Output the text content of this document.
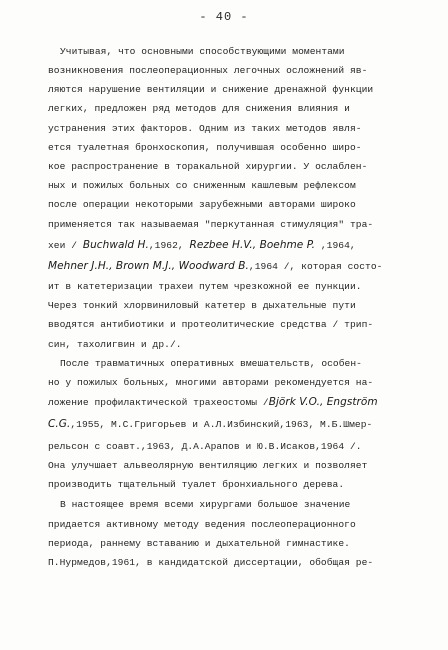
- 40 -
Учитывая, что основными способствующими моментами
возникновения послеоперационных легочных осложнений яв-
ляются нарушение вентиляции и снижение дренажной функции
легких, предложен ряд методов для снижения влияния и
устранения этих факторов. Одним из таких методов явля-
ется туалетная бронхоскопия, получившая особенно широ-
кое распространение в торакальной хирургии. У ослаблен-
ных и пожилых больных со сниженным кашлевым рефлексом
после операции некоторыми зарубежными авторами широко
применяется так называемая "перкутанная стимуляция" тра-
хеи / Buchwald H.,1962, Rezbee H.V., Boehme P. ,1964,
Mehner J.H., Brown M.J., Woodward B.,1964 /, которая состо-
ит в катетеризации трахеи путем чрезкожной ее пункции.
Через тонкий хлорвиниловый катетер в дыхательные пути
вводятся антибиотики и протеолитические средства / трип-
син, тахолигвин и др./.
После травматичных оперативных вмешательств, особен-
но у пожилых больных, многими авторами рекомендуется на-
ложение профилактической трахеостомы /Björk V.O., Engström
C.G.,1955, М.С.Григорьев и А.Л.Избинский,1963, М.Б.Шмер-
рельсон с соавт.,1963, Д.А.Арапов и Ю.В.Исаков,1964 /.
Она улучшает альвеолярную вентиляцию легких и позволяет
производить тщательный туалет бронхиального дерева.
В настоящее время всеми хирургами большое значение
придается активному методу ведения послеоперационного
периода, раннему вставанию и дыхательной гимнастике.
П.Нурмедов,1961, в кандидатской диссертации, обобщая ре-
